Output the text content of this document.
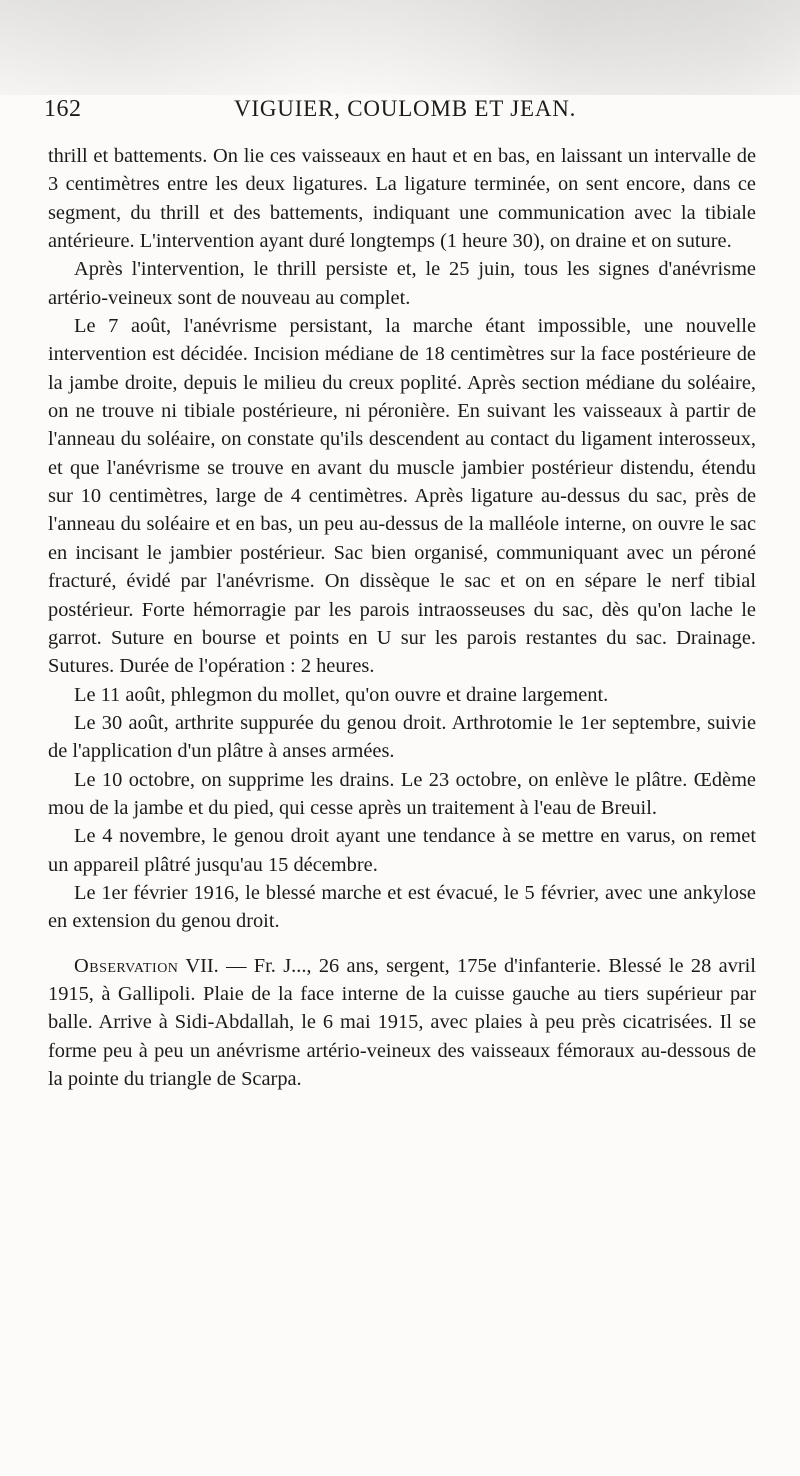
162	VIGUIER, COULOMB ET JEAN.

thrill et battements. On lie ces vaisseaux en haut et en bas, en laissant un intervalle de 3 centimètres entre les deux ligatures. La ligature terminée, on sent encore, dans ce segment, du thrill et des battements, indiquant une communication avec la tibiale antérieure. L'intervention ayant duré longtemps (1 heure 30), on draine et on suture.

Après l'intervention, le thrill persiste et, le 25 juin, tous les signes d'anévrisme artério-veineux sont de nouveau au complet.

Le 7 août, l'anévrisme persistant, la marche étant impossible, une nouvelle intervention est décidée. Incision médiane de 18 centimètres sur la face postérieure de la jambe droite, depuis le milieu du creux poplité. Après section médiane du soléaire, on ne trouve ni tibiale postérieure, ni péronière. En suivant les vaisseaux à partir de l'anneau du soléaire, on constate qu'ils descendent au contact du ligament interosseux, et que l'anévrisme se trouve en avant du muscle jambier postérieur distendu, étendu sur 10 centimètres, large de 4 centimètres. Après ligature au-dessus du sac, près de l'anneau du soléaire et en bas, un peu au-dessus de la malléole interne, on ouvre le sac en incisant le jambier postérieur. Sac bien organisé, communiquant avec un péroné fracturé, évidé par l'anévrisme. On dissèque le sac et on en sépare le nerf tibial postérieur. Forte hémorragie par les parois intraosseuses du sac, dès qu'on lache le garrot. Suture en bourse et points en U sur les parois restantes du sac. Drainage. Sutures. Durée de l'opération : 2 heures.

Le 11 août, phlegmon du mollet, qu'on ouvre et draine largement.

Le 30 août, arthrite suppurée du genou droit. Arthrotomie le 1er septembre, suivie de l'application d'un plâtre à anses armées.

Le 10 octobre, on supprime les drains. Le 23 octobre, on enlève le plâtre. Œdème mou de la jambe et du pied, qui cesse après un traitement à l'eau de Breuil.

Le 4 novembre, le genou droit ayant une tendance à se mettre en varus, on remet un appareil plâtré jusqu'au 15 décembre.

Le 1er février 1916, le blessé marche et est évacué, le 5 février, avec une ankylose en extension du genou droit.

Observation VII. — Fr. J..., 26 ans, sergent, 175e d'infanterie. Blessé le 28 avril 1915, à Gallipoli. Plaie de la face interne de la cuisse gauche au tiers supérieur par balle. Arrive à Sidi-Abdallah, le 6 mai 1915, avec plaies à peu près cicatrisées. Il se forme peu à peu un anévrisme artério-veineux des vaisseaux fémoraux au-dessous de la pointe du triangle de Scarpa.
